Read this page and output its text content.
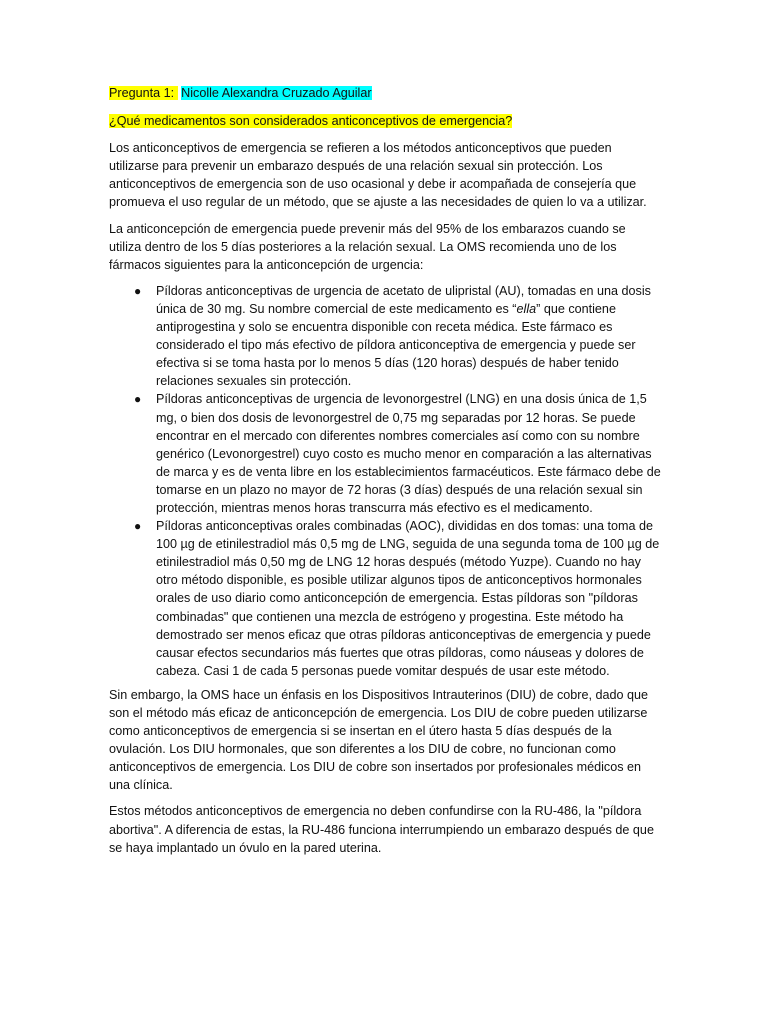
Pregunta 1: Nicolle Alexandra Cruzado Aguilar

¿Qué medicamentos son considerados anticonceptivos de emergencia?

Los anticonceptivos de emergencia se refieren a los métodos anticonceptivos que pueden utilizarse para prevenir un embarazo después de una relación sexual sin protección. Los anticonceptivos de emergencia son de uso ocasional y debe ir acompañada de consejería que promueva el uso regular de un método, que se ajuste a las necesidades de quien lo va a utilizar.

La anticoncepción de emergencia puede prevenir más del 95% de los embarazos cuando se utiliza dentro de los 5 días posteriores a la relación sexual. La OMS recomienda uno de los fármacos siguientes para la anticoncepción de urgencia:

● Píldoras anticonceptivas de urgencia de acetato de ulipristal (AU), tomadas en una dosis única de 30 mg. Su nombre comercial de este medicamento es “ella” que contiene antiprogestina y solo se encuentra disponible con receta médica. Este fármaco es considerado el tipo más efectivo de píldora anticonceptiva de emergencia y puede ser efectiva si se toma hasta por lo menos 5 días (120 horas) después de haber tenido relaciones sexuales sin protección.
● Píldoras anticonceptivas de urgencia de levonorgestrel (LNG) en una dosis única de 1,5 mg, o bien dos dosis de levonorgestrel de 0,75 mg separadas por 12 horas. Se puede encontrar en el mercado con diferentes nombres comerciales así como con su nombre genérico (Levonorgestrel) cuyo costo es mucho menor en comparación a las alternativas de marca y es de venta libre en los establecimientos farmacéuticos. Este fármaco debe de tomarse en un plazo no mayor de 72 horas (3 días) después de una relación sexual sin protección, mientras menos horas transcurra más efectivo es el medicamento.
● Píldoras anticonceptivas orales combinadas (AOC), divididas en dos tomas: una toma de 100 µg de etinilestradiol más 0,5 mg de LNG, seguida de una segunda toma de 100 µg de etinilestradiol más 0,50 mg de LNG 12 horas después (método Yuzpe). Cuando no hay otro método disponible, es posible utilizar algunos tipos de anticonceptivos hormonales orales de uso diario como anticoncepción de emergencia. Estas píldoras son "píldoras combinadas" que contienen una mezcla de estrógeno y progestina. Este método ha demostrado ser menos eficaz que otras píldoras anticonceptivas de emergencia y puede causar efectos secundarios más fuertes que otras píldoras, como náuseas y dolores de cabeza. Casi 1 de cada 5 personas puede vomitar después de usar este método.

Sin embargo, la OMS hace un énfasis en los Dispositivos Intrauterinos (DIU) de cobre, dado que son el método más eficaz de anticoncepción de emergencia. Los DIU de cobre pueden utilizarse como anticonceptivos de emergencia si se insertan en el útero hasta 5 días después de la ovulación. Los DIU hormonales, que son diferentes a los DIU de cobre, no funcionan como anticonceptivos de emergencia. Los DIU de cobre son insertados por profesionales médicos en una clínica.

Estos métodos anticonceptivos de emergencia no deben confundirse con la RU-486, la "píldora abortiva". A diferencia de estas, la RU-486 funciona interrumpiendo un embarazo después de que se haya implantado un óvulo en la pared uterina.
